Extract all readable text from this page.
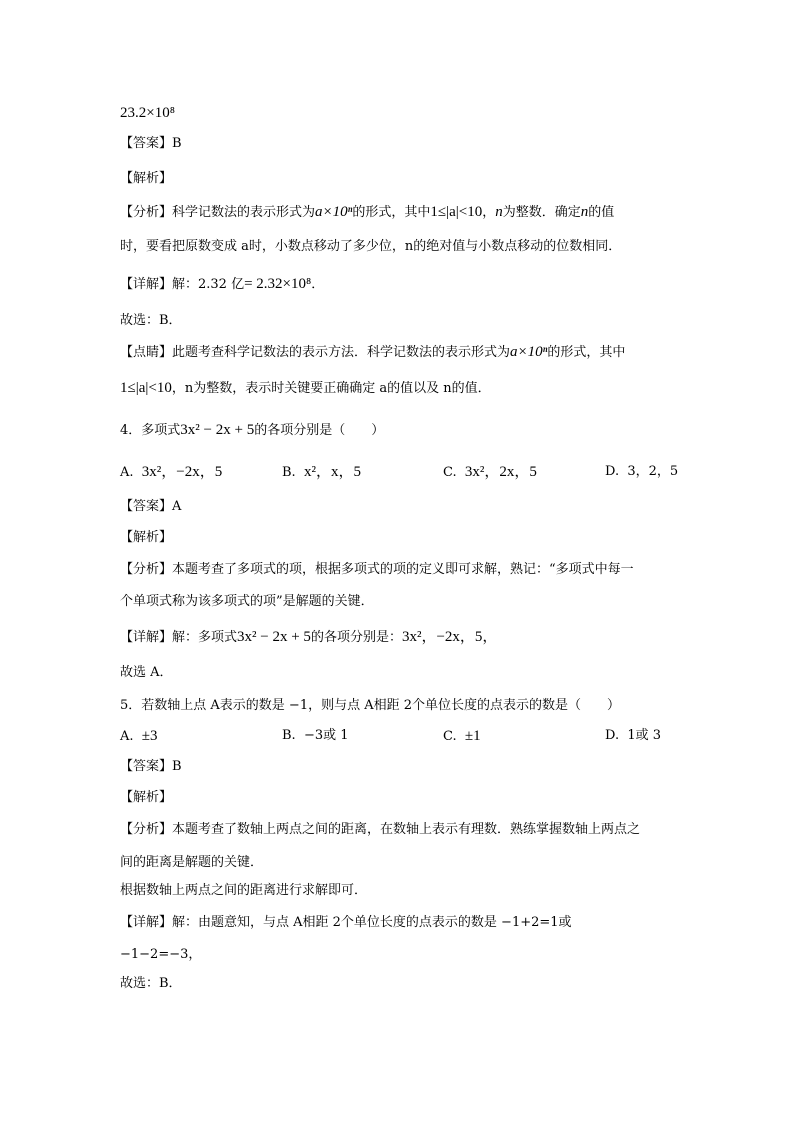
23.2×10⁸
【答案】B
【解析】
【分析】科学记数法的表示形式为a×10ⁿ的形式，其中1≤|a|<10，n为整数．确定n的值
时，要看把原数变成 a时，小数点移动了多少位，n的绝对值与小数点移动的位数相同．
【详解】解：2.32 亿= 2.32×10⁸．
故选：B．
【点睛】此题考查科学记数法的表示方法．科学记数法的表示形式为a×10ⁿ的形式，其中
1≤|a|<10，n为整数，表示时关键要正确确定 a的值以及 n的值．
4．多项式3x² − 2x + 5的各项分别是（　　）
A. 3x²，−2x，5	B. x²，x，5	C. 3x²，2x，5	D. 3，2，5
【答案】A
【解析】
【分析】本题考查了多项式的项，根据多项式的项的定义即可求解，熟记：“多项式中每一
个单项式称为该多项式的项”是解题的关键．
【详解】解：多项式3x² − 2x + 5的各项分别是：3x²，−2x，5，
故选 A．
5．若数轴上点 A表示的数是 −1，则与点 A相距 2个单位长度的点表示的数是（　　）
A. ±3	B. −3或 1	C. ±1	D. 1或 3
【答案】B
【解析】
【分析】本题考查了数轴上两点之间的距离，在数轴上表示有理数．熟练掌握数轴上两点之
间的距离是解题的关键．
根据数轴上两点之间的距离进行求解即可．
【详解】解：由题意知，与点 A相距 2个单位长度的点表示的数是 −1+2=1或
−1−2=−3，
故选：B．
